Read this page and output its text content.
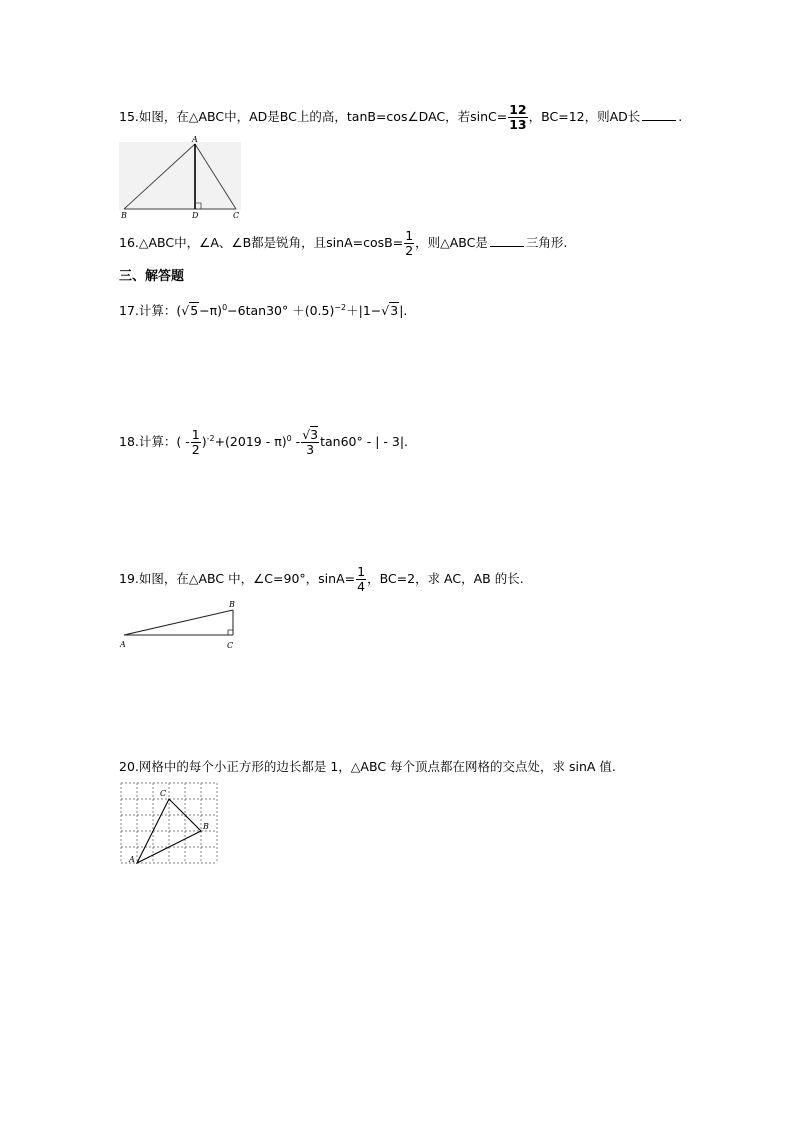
15.如图，在△ABC中，AD是BC上的高，tanB=cos∠DAC，若$\sin C= \frac{12}{13}$ ，BC=12，则AD长	.
A
B	D	C
16.△ABC中，∠A、∠B都是锐角，且$\sin A=\cos B= \frac{1}{2}$ ，则△ABC是	三角形.
三、解答题
17.计算：$(√5-\pi)^0-6\tan 30^\circ +(0.5)^{-2}+|1-√3|$.
18.计算：( - $\frac{1}{2} )^{-2}+(2019 - \pi)^0 - \frac{√3}{3} \tan 60^\circ$ - | - 3|.
19.如图，在△ABC 中，∠C=90°，$\sin A= \frac{1}{4}$ ，BC=2，求 AC，AB 的长.
B
A	C
20.网格中的每个小正方形的边长都是 1，△ABC 每个顶点都在网格的交点处，求 sinA 值.
C
B
A
